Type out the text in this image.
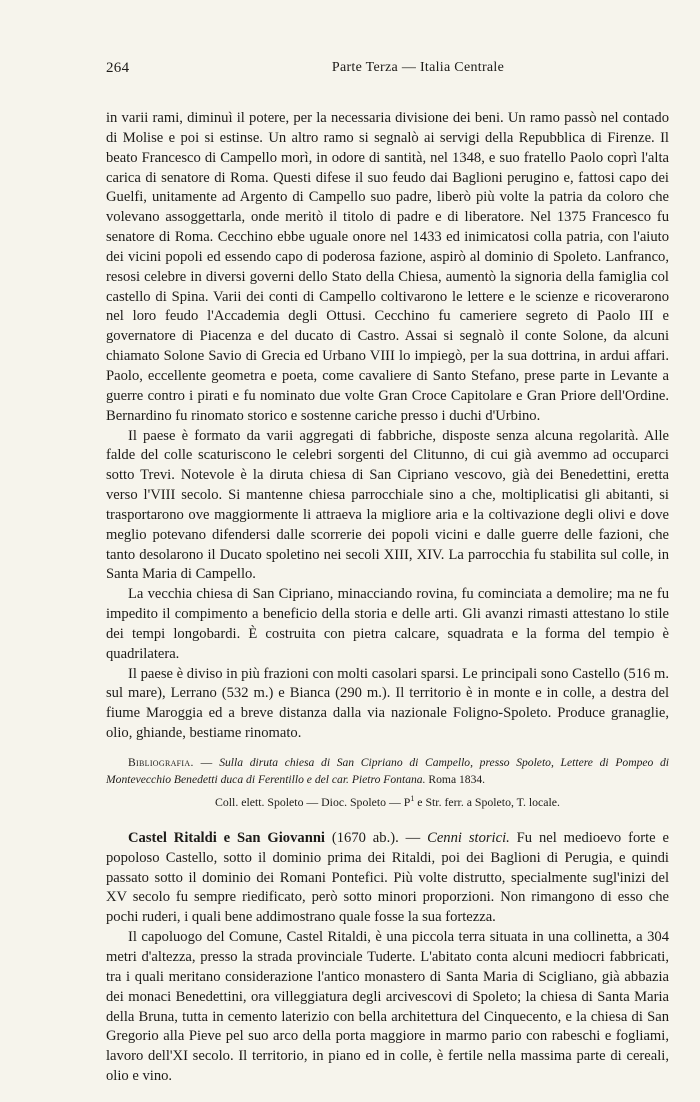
264	Parte Terza — Italia Centrale

in varii rami, diminuì il potere, per la necessaria divisione dei beni. Un ramo passò nel contado di Molise e poi si estinse. Un altro ramo si segnalò ai servigi della Repubblica di Firenze. Il beato Francesco di Campello morì, in odore di santità, nel 1348, e suo fratello Paolo coprì l'alta carica di senatore di Roma. Questi difese il suo feudo dai Baglioni perugino e, fattosi capo dei Guelfi, unitamente ad Argento di Campello suo padre, liberò più volte la patria da coloro che volevano assoggettarla, onde meritò il titolo di padre e di liberatore. Nel 1375 Francesco fu senatore di Roma. Cecchino ebbe uguale onore nel 1433 ed inimicatosi colla patria, con l'aiuto dei vicini popoli ed essendo capo di poderosa fazione, aspirò al dominio di Spoleto. Lanfranco, resosi celebre in diversi governi dello Stato della Chiesa, aumentò la signoria della famiglia col castello di Spina. Varii dei conti di Campello coltivarono le lettere e le scienze e ricoverarono nel loro feudo l'Accademia degli Ottusi. Cecchino fu cameriere segreto di Paolo III e governatore di Piacenza e del ducato di Castro. Assai si segnalò il conte Solone, da alcuni chiamato Solone Savio di Grecia ed Urbano VIII lo impiegò, per la sua dottrina, in ardui affari. Paolo, eccellente geometra e poeta, come cavaliere di Santo Stefano, prese parte in Levante a guerre contro i pirati e fu nominato due volte Gran Croce Capitolare e Gran Priore dell'Ordine. Bernardino fu rinomato storico e sostenne cariche presso i duchi d'Urbino.

Il paese è formato da varii aggregati di fabbriche, disposte senza alcuna regolarità. Alle falde del colle scaturiscono le celebri sorgenti del Clitunno, di cui già avemmo ad occuparci sotto Trevi. Notevole è la diruta chiesa di San Cipriano vescovo, già dei Benedettini, eretta verso l'VIII secolo. Si mantenne chiesa parrocchiale sino a che, moltiplicatisi gli abitanti, si trasportarono ove maggiormente li attraeva la migliore aria e la coltivazione degli olivi e dove meglio potevano difendersi dalle scorrerie dei popoli vicini e dalle guerre delle fazioni, che tanto desolarono il Ducato spoletino nei secoli XIII, XIV. La parrocchia fu stabilita sul colle, in Santa Maria di Campello.

La vecchia chiesa di San Cipriano, minacciando rovina, fu cominciata a demolire; ma ne fu impedito il compimento a beneficio della storia e delle arti. Gli avanzi rimasti attestano lo stile dei tempi longobardi. È costruita con pietra calcare, squadrata e la forma del tempio è quadrilatera.

Il paese è diviso in più frazioni con molti casolari sparsi. Le principali sono Castello (516 m. sul mare), Lerrano (532 m.) e Bianca (290 m.). Il territorio è in monte e in colle, a destra del fiume Maroggia ed a breve distanza dalla via nazionale Foligno-Spoleto. Produce granaglie, olio, ghiande, bestiame rinomato.

Bibliografia. — Sulla diruta chiesa di San Cipriano di Campello, presso Spoleto, Lettere di Pompeo di Montevecchio Benedetti duca di Ferentillo e del car. Pietro Fontana. Roma 1834.

Coll. elett. Spoleto — Dioc. Spoleto — $P^1$ e Str. ferr. a Spoleto, T. locale.

Castel Ritaldi e San Giovanni (1670 ab.). — Cenni storici. Fu nel medioevo forte e popoloso Castello, sotto il dominio prima dei Ritaldi, poi dei Baglioni di Perugia, e quindi passato sotto il dominio dei Romani Pontefici. Più volte distrutto, specialmente sugl'inizi del XV secolo fu sempre riedificato, però sotto minori proporzioni. Non rimangono di esso che pochi ruderi, i quali bene addimostrano quale fosse la sua fortezza.

Il capoluogo del Comune, Castel Ritaldi, è una piccola terra situata in una collinetta, a 304 metri d'altezza, presso la strada provinciale Tuderte. L'abitato conta alcuni mediocri fabbricati, tra i quali meritano considerazione l'antico monastero di Santa Maria di Scigliano, già abbazia dei monaci Benedettini, ora villeggiatura degli arcivescovi di Spoleto; la chiesa di Santa Maria della Bruna, tutta in cemento laterizio con bella architettura del Cinquecento, e la chiesa di San Gregorio alla Pieve pel suo arco della porta maggiore in marmo pario con rabeschi e fogliami, lavoro dell'XI secolo. Il territorio, in piano ed in colle, è fertile nella massima parte di cereali, olio e vino.
